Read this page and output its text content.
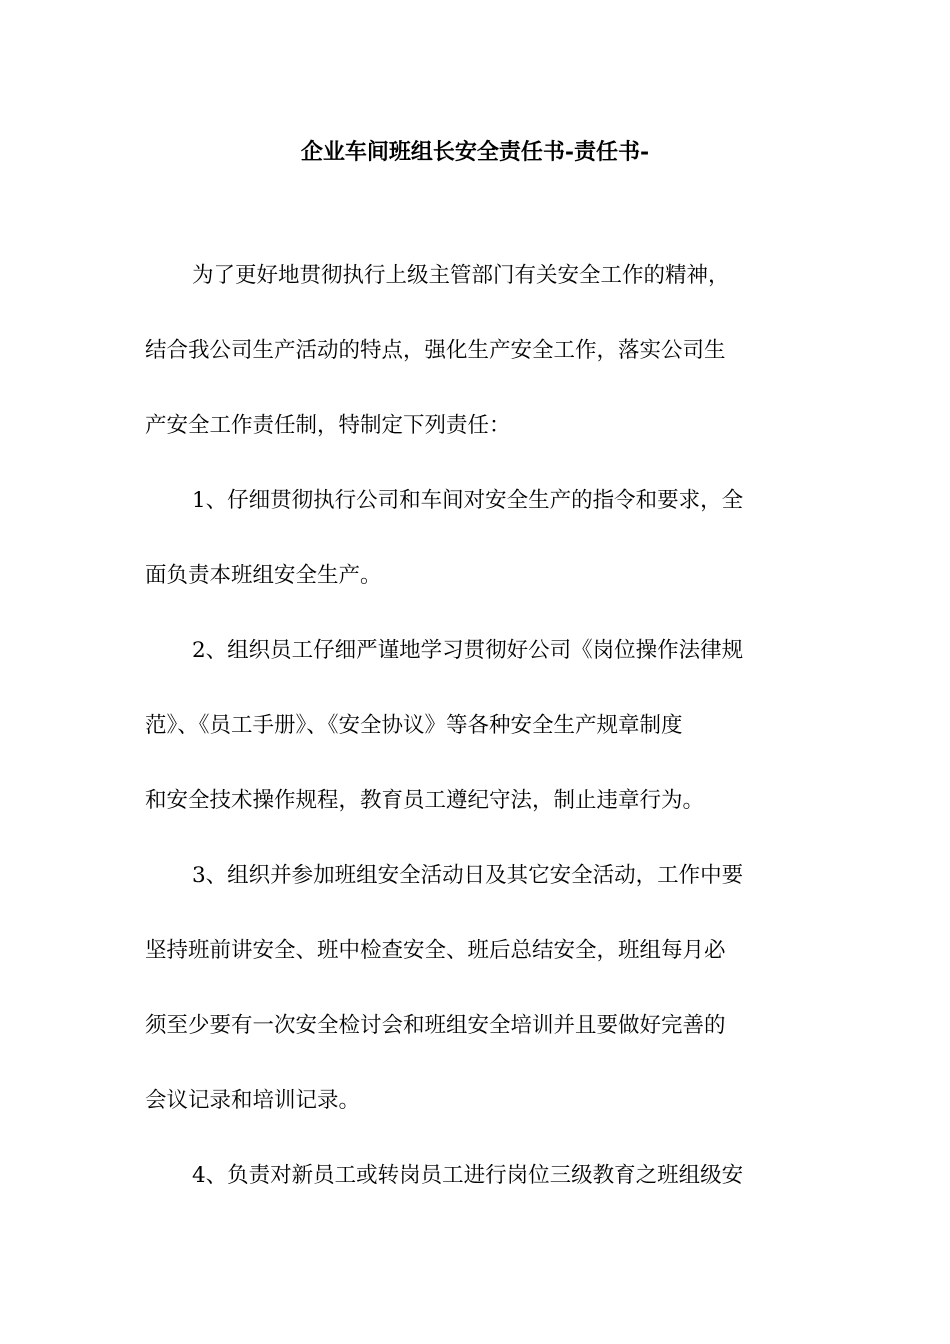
企业车间班组长安全责任书-责任书-

为了更好地贯彻执行上级主管部门有关安全工作的精神，

结合我公司生产活动的特点，强化生产安全工作，落实公司生

产安全工作责任制，特制定下列责任：

1、仔细贯彻执行公司和车间对安全生产的指令和要求，全

面负责本班组安全生产。

2、组织员工仔细严谨地学习贯彻好公司《岗位操作法律规

范》、《员工手册》、《安全协议》等各种安全生产规章制度

和安全技术操作规程，教育员工遵纪守法，制止违章行为。

3、组织并参加班组安全活动日及其它安全活动，工作中要

坚持班前讲安全、班中检查安全、班后总结安全，班组每月必

须至少要有一次安全检讨会和班组安全培训并且要做好完善的

会议记录和培训记录。

4、负责对新员工或转岗员工进行岗位三级教育之班组级安
